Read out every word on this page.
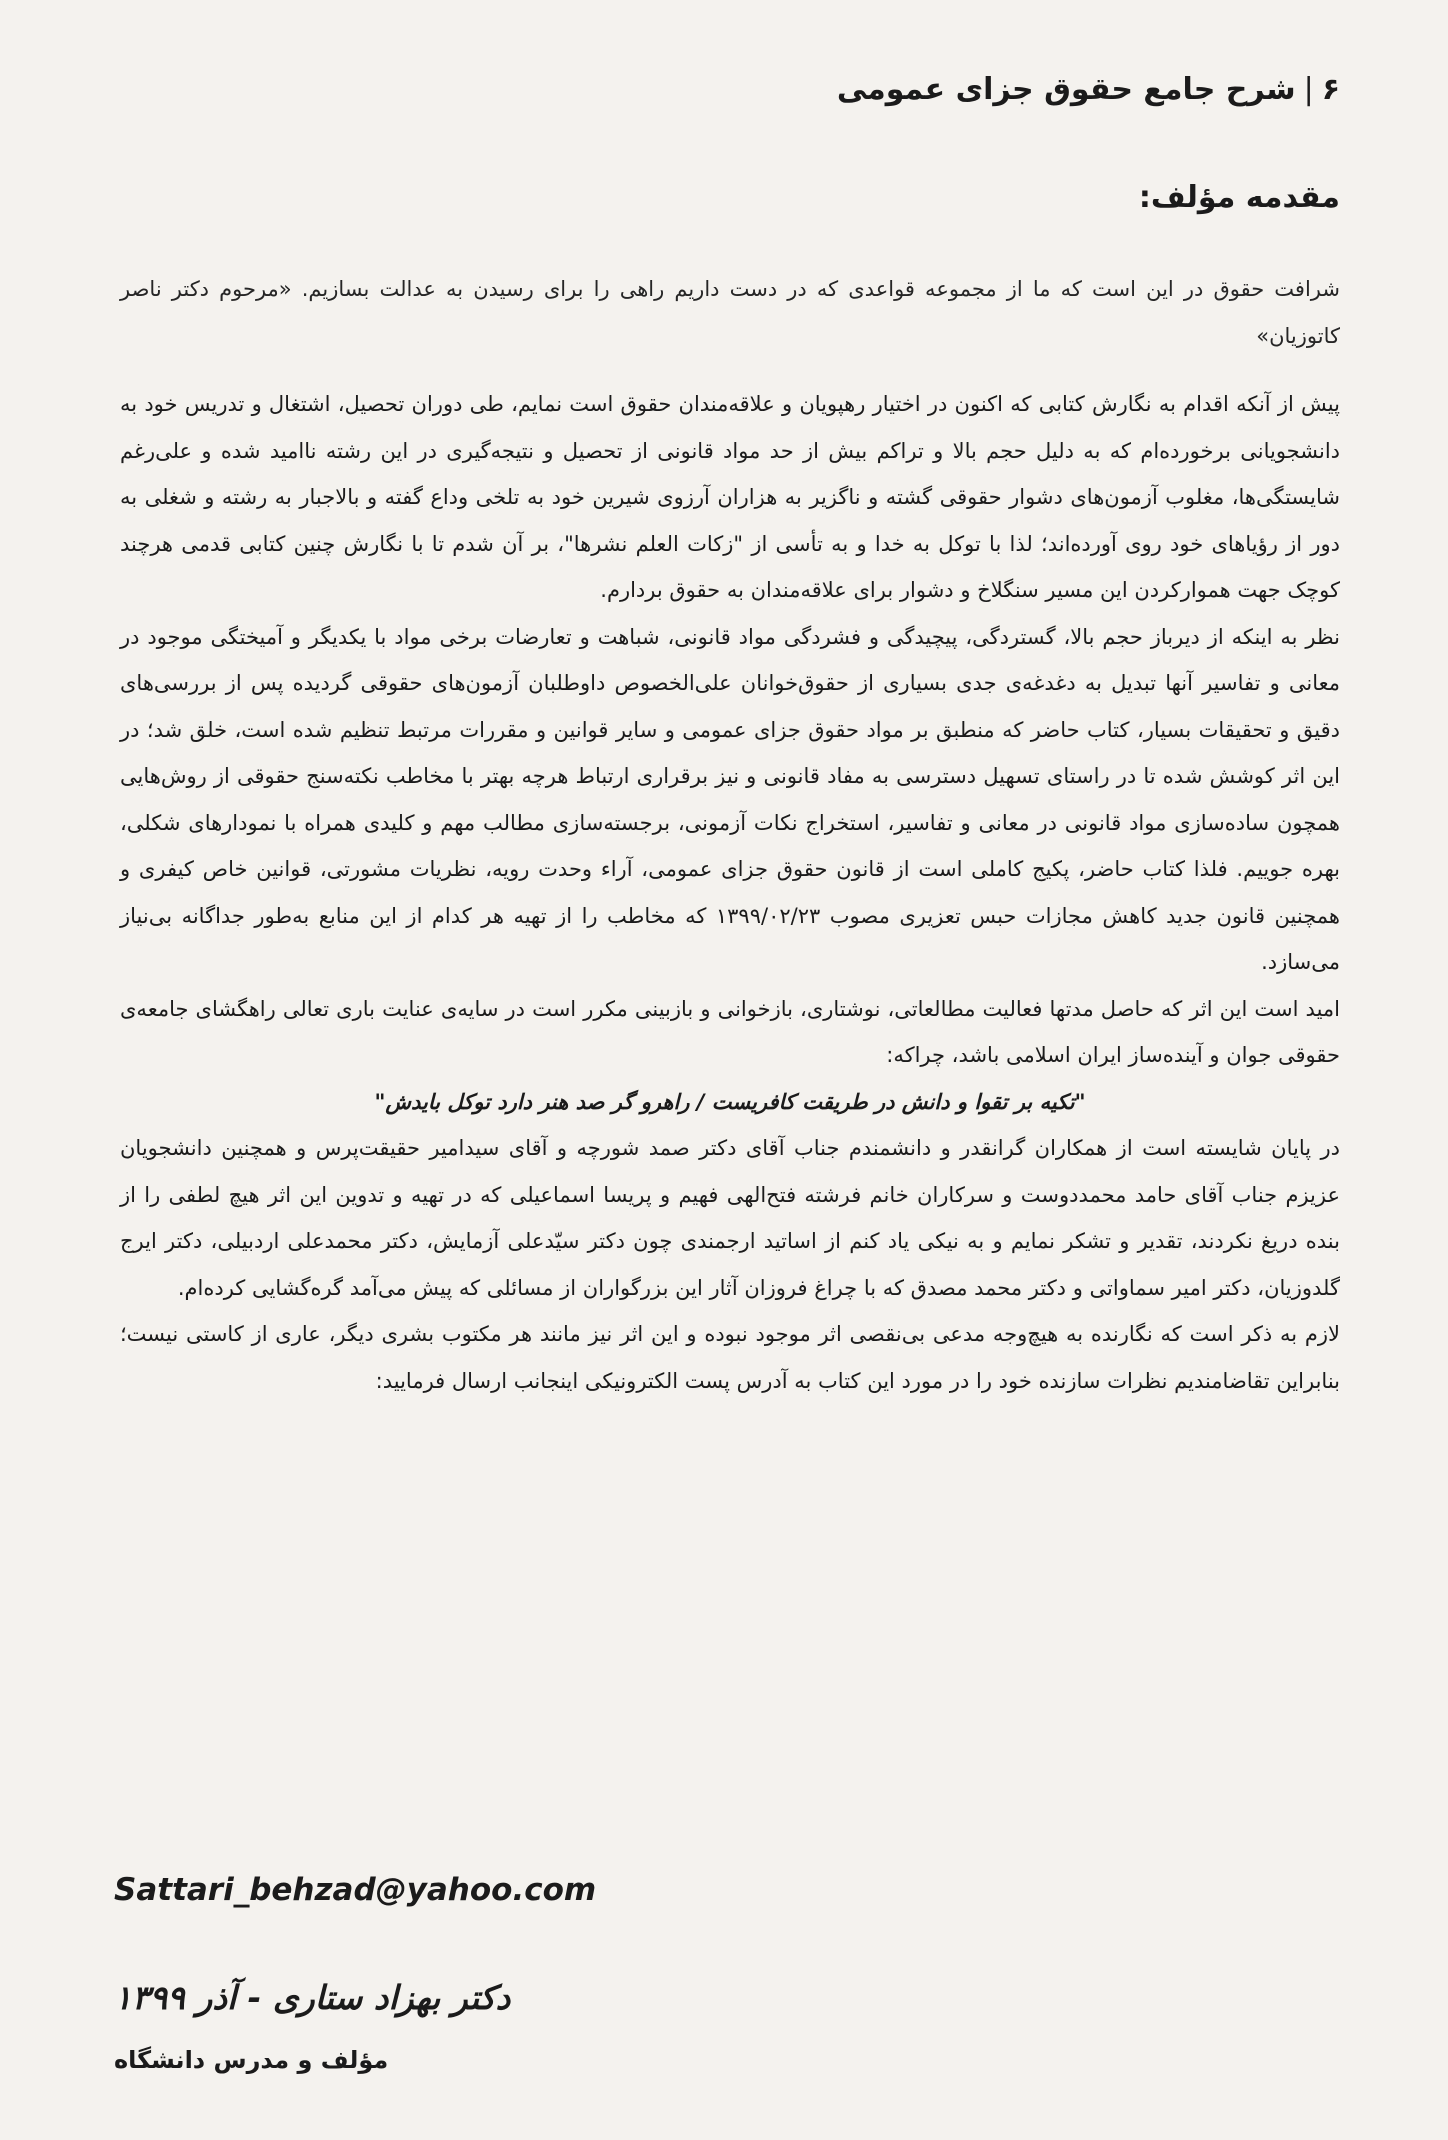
۶|شرح جامع حقوق جزای عمومی
مقدمه مؤلف:

شرافت حقوق در این است که ما از مجموعه قواعدی که در دست داریم راهی را برای رسیدن به عدالت بسازیم. «مرحوم دکتر ناصر کاتوزیان»

پیش از آنکه اقدام به نگارش کتابی که اکنون در اختیار رهپویان و علاقه‌مندان حقوق است نمایم، طی دوران تحصیل، اشتغال و تدریس خود به دانشجویانی برخورده‌ام که به دلیل حجم بالا و تراکم بیش از حد مواد قانونی از تحصیل و نتیجه‌گیری در این رشته ناامید شده و علی‌رغم شایستگی‌ها، مغلوب آزمون‌های دشوار حقوقی گشته و ناگزیر به هزاران آرزوی شیرین خود به تلخی وداع گفته و بالاجبار به رشته و شغلی به دور از رؤیاهای خود روی آورده‌اند؛ لذا با توکل به خدا و به تأسی از "زکات العلم نشرها"، بر آن شدم تا با نگارش چنین کتابی قدمی هرچند کوچک جهت هموارکردن این مسیر سنگلاخ و دشوار برای علاقه‌مندان به حقوق بردارم.

نظر به اینکه از دیرباز حجم بالا، گستردگی، پیچیدگی و فشردگی مواد قانونی، شباهت و تعارضات برخی مواد با یکدیگر و آمیختگی موجود در معانی و تفاسیر آنها تبدیل به دغدغه‌ی جدی بسیاری از حقوق‌خوانان علی‌الخصوص داوطلبان آزمون‌های حقوقی گردیده پس از بررسی‌های دقیق و تحقیقات بسیار، کتاب حاضر که منطبق بر مواد حقوق جزای عمومی و سایر قوانین و مقررات مرتبط تنظیم شده است، خلق شد؛ در این اثر کوشش شده تا در راستای تسهیل دسترسی به مفاد قانونی و نیز برقراری ارتباط هرچه بهتر با مخاطب نکته‌سنج حقوقی از روش‌هایی همچون ساده‌سازی مواد قانونی در معانی و تفاسیر، استخراج نکات آزمونی، برجسته‌سازی مطالب مهم و کلیدی همراه با نمودارهای شکلی، بهره جوییم. فلذا کتاب حاضر، پکیج کاملی است از قانون حقوق جزای عمومی، آراء وحدت رویه، نظریات مشورتی، قوانین خاص کیفری و همچنین قانون جدید کاهش مجازات حبس تعزیری مصوب ۱۳۹۹/۰۲/۲۳ که مخاطب را از تهیه هر کدام از این منابع به‌طور جداگانه بی‌نیاز می‌سازد.

امید است این اثر که حاصل مدتها فعالیت مطالعاتی، نوشتاری، بازخوانی و بازبینی مکرر است در سایه‌ی عنایت باری تعالی راهگشای جامعه‌ی حقوقی جوان و آینده‌ساز ایران اسلامی باشد، چراکه:

"تکیه بر تقوا و دانش در طریقت کافریست / راهرو گر صد هنر دارد توکل بایدش"

در پایان شایسته است از همکاران گرانقدر و دانشمندم جناب آقای دکتر صمد شورچه و آقای سیدامیر حقیقت‌پرس و همچنین دانشجویان عزیزم جناب آقای حامد محمددوست و سرکاران خانم فرشته فتح‌الهی فهیم و پریسا اسماعیلی که در تهیه و تدوین این اثر هیچ لطفی را از بنده دریغ نکردند، تقدیر و تشکر نمایم و به نیکی یاد کنم از اساتید ارجمندی چون دکتر سیّدعلی آزمایش، دکتر محمدعلی اردبیلی، دکتر ایرج گلدوزیان، دکتر امیر سماواتی و دکتر محمد مصدق که با چراغ فروزان آثار این بزرگواران از مسائلی که پیش می‌آمد گره‌گشایی کرده‌ام.

لازم به ذکر است که نگارنده به هیچ‌وجه مدعی بی‌نقصی اثر موجود نبوده و این اثر نیز مانند هر مکتوب بشری دیگر، عاری از کاستی نیست؛ بنابراین تقاضامندیم نظرات سازنده خود را در مورد این کتاب به آدرس پست الکترونیکی اینجانب ارسال فرمایید:

Sattari_behzad@yahoo.com
دکتر بهزاد ستاری - آذر ۱۳۹۹
مؤلف و مدرس دانشگاه
